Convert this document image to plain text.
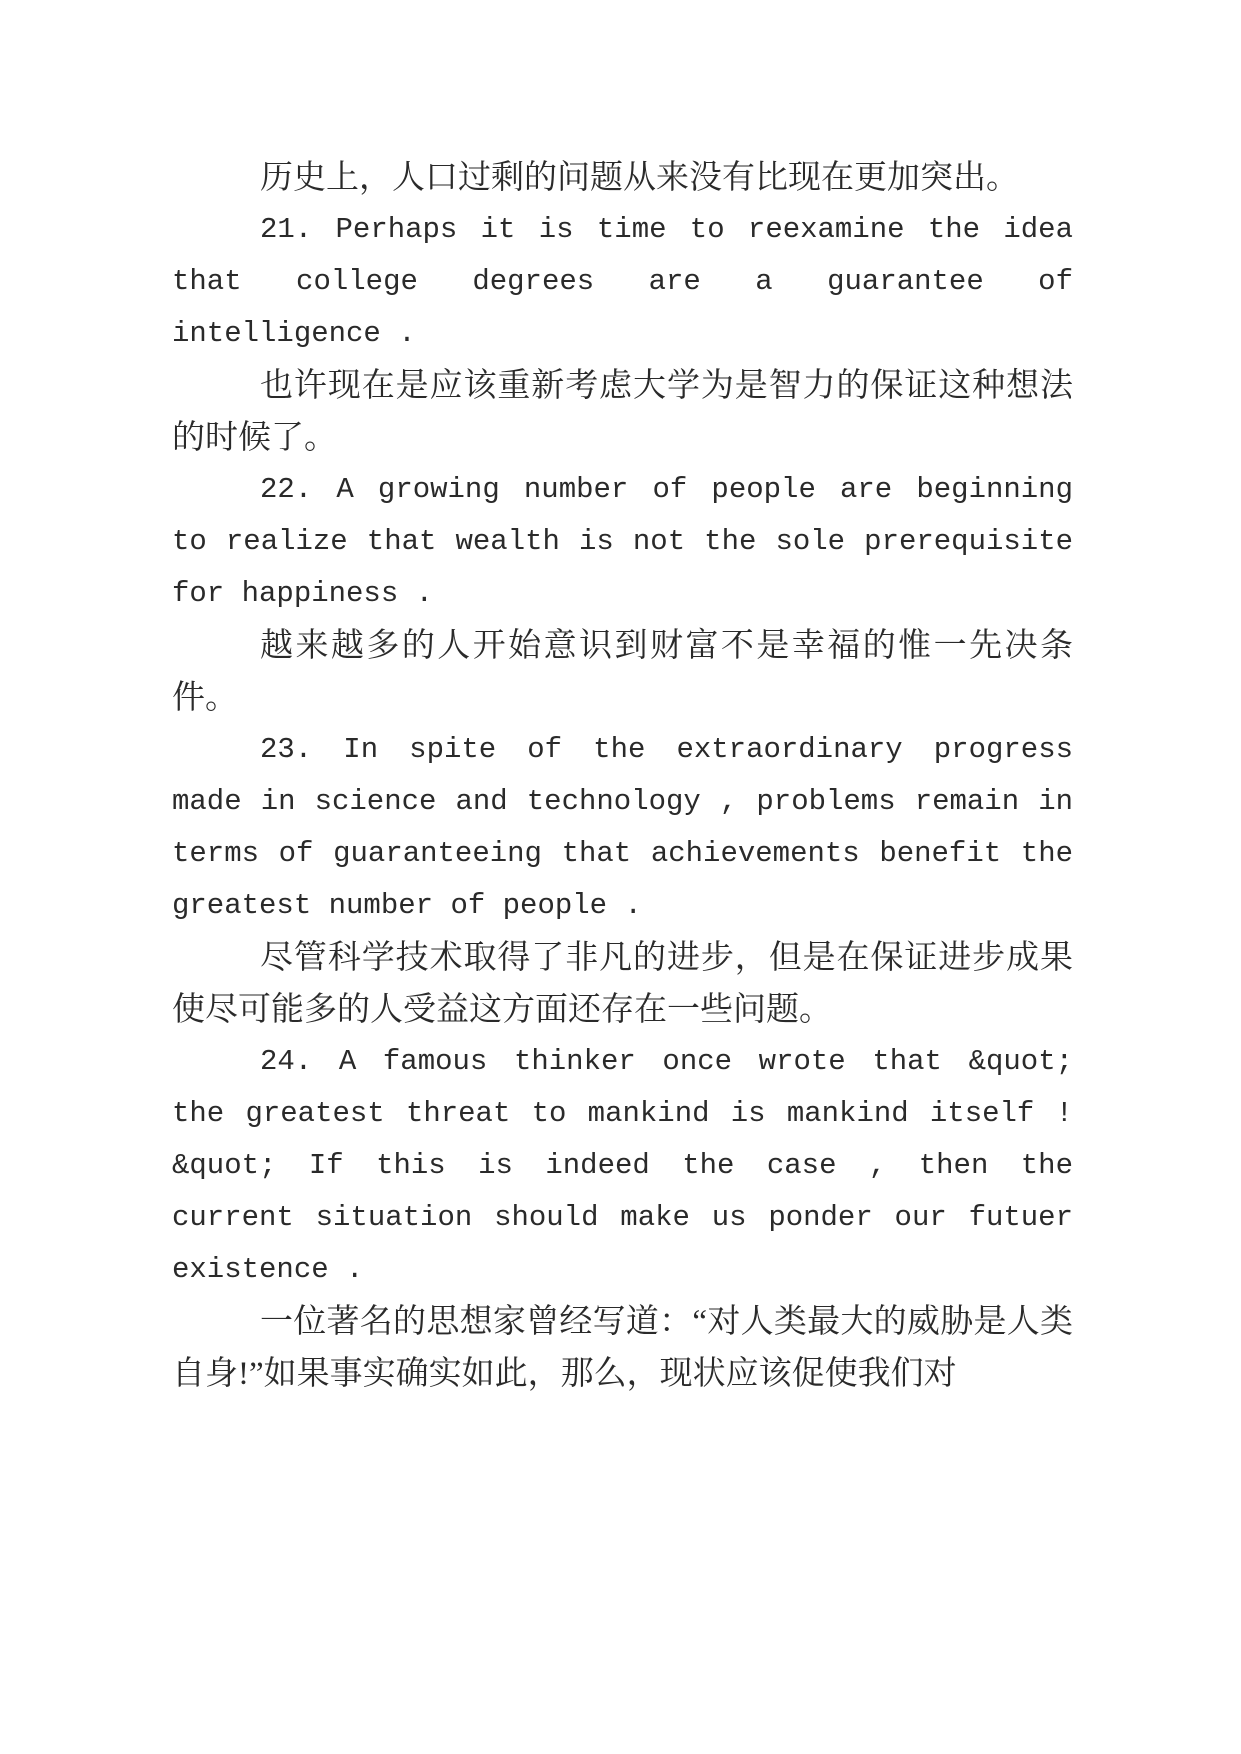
历史上，人口过剩的问题从来没有比现在更加突出。

21. Perhaps it is time to reexamine the idea that college degrees are a guarantee of intelligence .

也许现在是应该重新考虑大学为是智力的保证这种想法的时候了。

22. A growing number of people are beginning to realize that wealth is not the sole prerequisite for happiness .

越来越多的人开始意识到财富不是幸福的惟一先决条件。

23. In spite of the extraordinary progress made in science and technology , problems remain in terms of guaranteeing that achievements benefit the greatest number of people .

尽管科学技术取得了非凡的进步，但是在保证进步成果使尽可能多的人受益这方面还存在一些问题。

24. A famous thinker once wrote that &quot; the greatest threat to mankind is mankind itself ! &quot; If this is indeed the case , then the current situation should make us ponder our futuer existence .

一位著名的思想家曾经写道：“对人类最大的威胁是人类自身!”如果事实确实如此，那么，现状应该促使我们对
